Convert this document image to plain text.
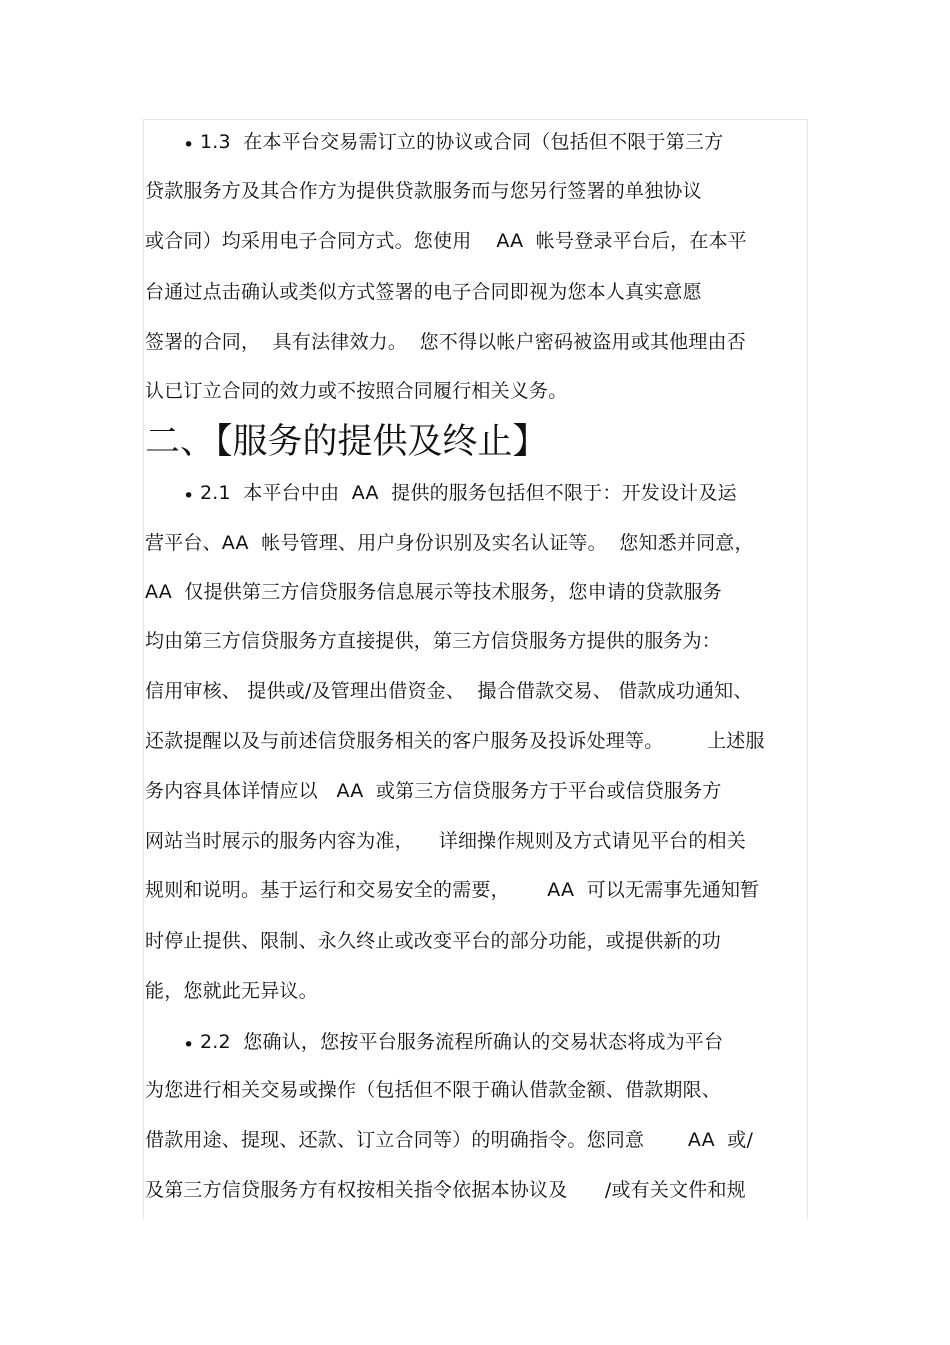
• 1.3  在本平台交易需订立的协议或合同（包括但不限于第三方
贷款服务方及其合作方为提供贷款服务而与您另行签署的单独协议
或合同）均采用电子合同方式。您使用    AA  帐号登录平台后，在本平
台通过点击确认或类似方式签署的电子合同即视为您本人真实意愿
签署的合同，  具有法律效力。  您不得以帐户密码被盗用或其他理由否
认已订立合同的效力或不按照合同履行相关义务。
二、【服务的提供及终止】
• 2.1  本平台中由  AA  提供的服务包括但不限于：开发设计及运
营平台、AA  帐号管理、用户身份识别及实名认证等。  您知悉并同意，
AA  仅提供第三方信贷服务信息展示等技术服务，您申请的贷款服务
均由第三方信贷服务方直接提供，第三方信贷服务方提供的服务为：
信用审核、 提供或/及管理出借资金、  撮合借款交易、 借款成功通知、
还款提醒以及与前述信贷服务相关的客户服务及投诉处理等。       上述服
务内容具体详情应以   AA  或第三方信贷服务方于平台或信贷服务方
网站当时展示的服务内容为准，    详细操作规则及方式请见平台的相关
规则和说明。基于运行和交易安全的需要，      AA  可以无需事先通知暂
时停止提供、限制、永久终止或改变平台的部分功能，或提供新的功
能，您就此无异议。
• 2.2  您确认，您按平台服务流程所确认的交易状态将成为平台
为您进行相关交易或操作（包括但不限于确认借款金额、借款期限、
借款用途、提现、还款、订立合同等）的明确指令。您同意       AA  或/
及第三方信贷服务方有权按相关指令依据本协议及      /或有关文件和规
